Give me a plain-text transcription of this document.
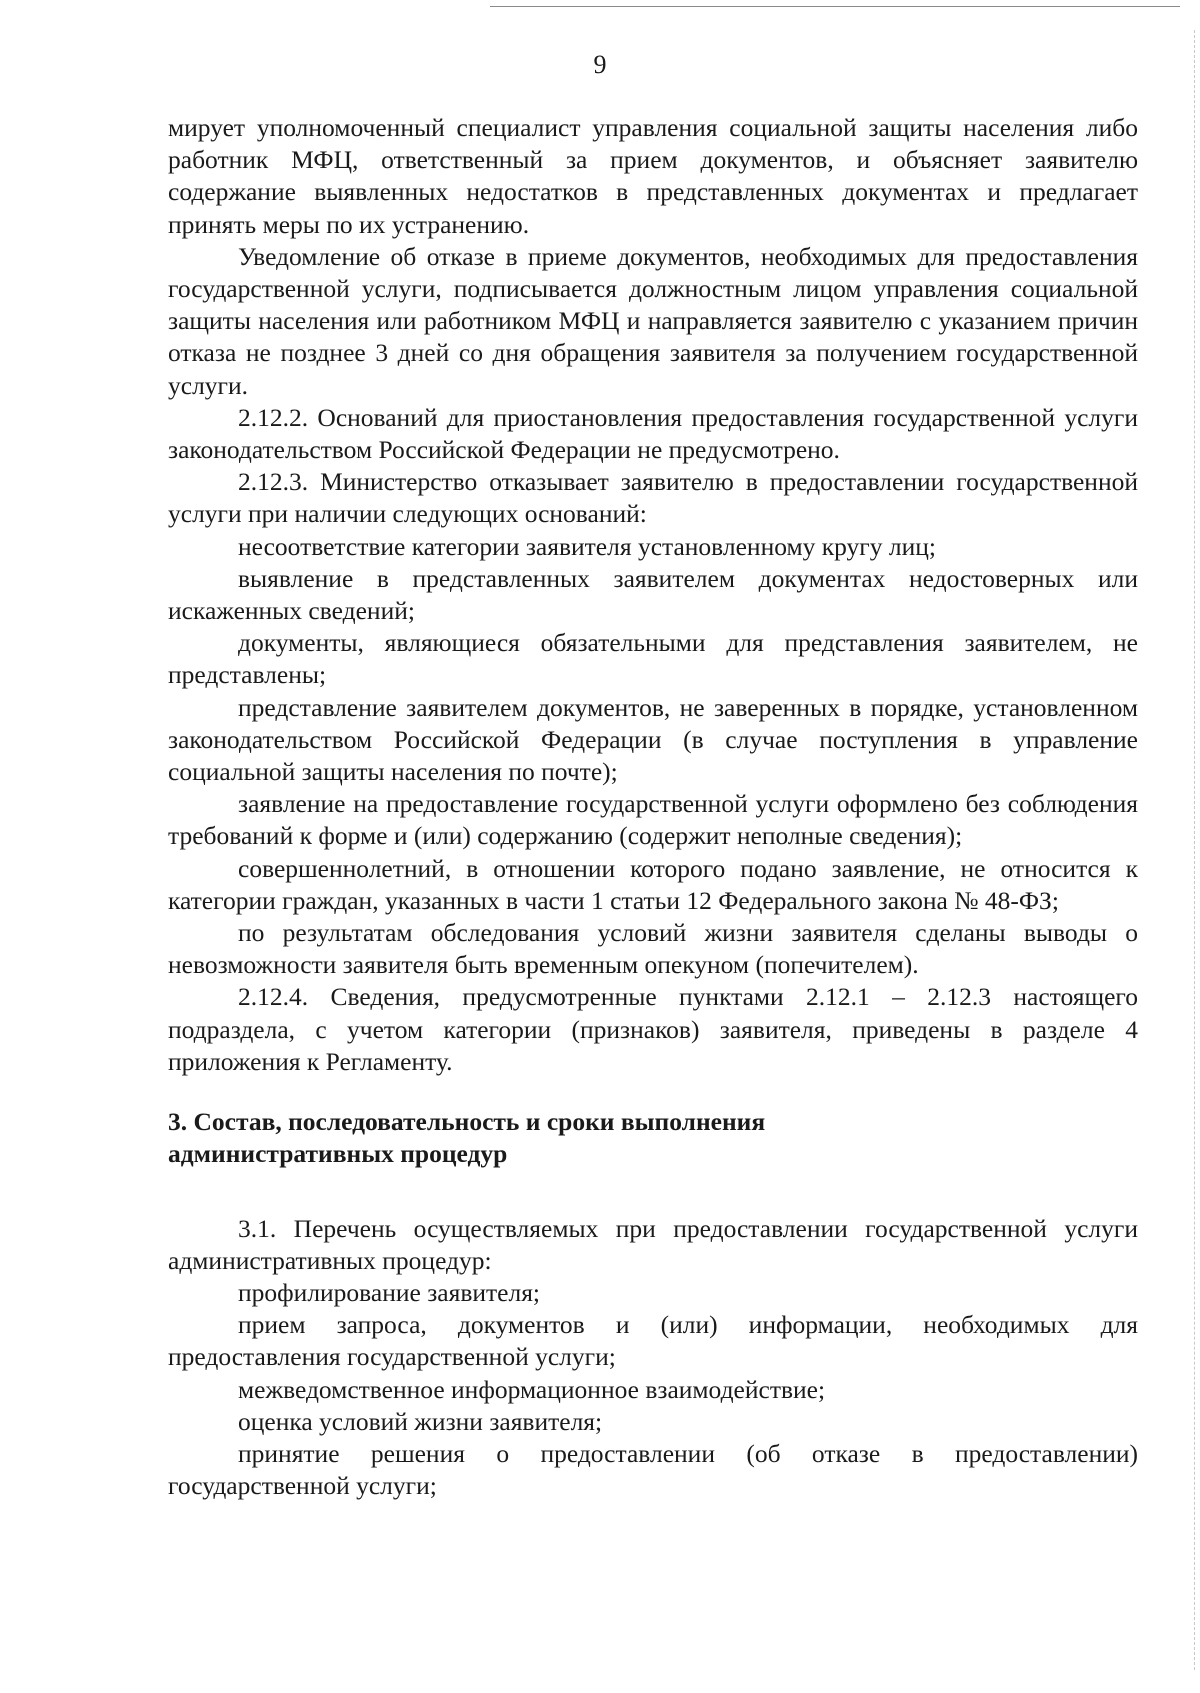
9

мирует уполномоченный специалист управления социальной защиты населения либо работник МФЦ, ответственный за прием документов, и объясняет заявителю содержание выявленных недостатков в представленных документах и предлагает принять меры по их устранению.

Уведомление об отказе в приеме документов, необходимых для предоставления государственной услуги, подписывается должностным лицом управления социальной защиты населения или работником МФЦ и направляется заявителю с указанием причин отказа не позднее 3 дней со дня обращения заявителя за получением государственной услуги.

2.12.2. Оснований для приостановления предоставления государственной услуги законодательством Российской Федерации не предусмотрено.

2.12.3. Министерство отказывает заявителю в предоставлении государственной услуги при наличии следующих оснований:

несоответствие категории заявителя установленному кругу лиц;

выявление в представленных заявителем документах недостоверных или искаженных сведений;

документы, являющиеся обязательными для представления заявителем, не представлены;

представление заявителем документов, не заверенных в порядке, установленном законодательством Российской Федерации (в случае поступления в управление социальной защиты населения по почте);

заявление на предоставление государственной услуги оформлено без соблюдения требований к форме и (или) содержанию (содержит неполные сведения);

совершеннолетний, в отношении которого подано заявление, не относится к категории граждан, указанных в части 1 статьи 12 Федерального закона № 48-ФЗ;

по результатам обследования условий жизни заявителя сделаны выводы о невозможности заявителя быть временным опекуном (попечителем).

2.12.4. Сведения, предусмотренные пунктами 2.12.1 – 2.12.3 настоящего подраздела, с учетом категории (признаков) заявителя, приведены в разделе 4 приложения к Регламенту.

3. Состав, последовательность и сроки выполнения

административных процедур

3.1. Перечень осуществляемых при предоставлении государственной услуги административных процедур:

профилирование заявителя;

прием запроса, документов и (или) информации, необходимых для предоставления государственной услуги;

межведомственное информационное взаимодействие;

оценка условий жизни заявителя;

принятие решения о предоставлении (об отказе в предоставлении) государственной услуги;
